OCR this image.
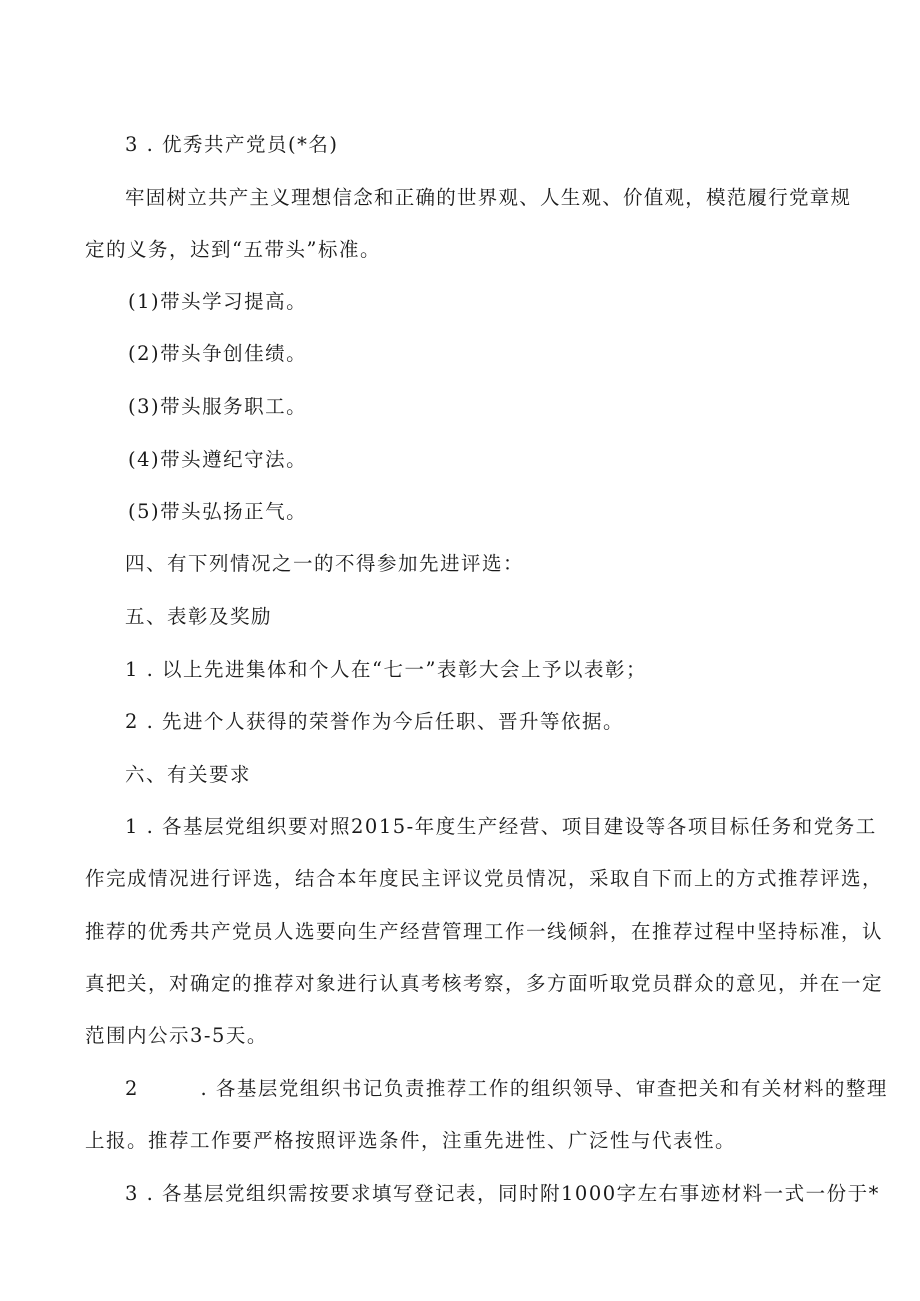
3 . 优秀共产党员(*名)
牢固树立共产主义理想信念和正确的世界观、人生观、价值观，模范履行党章规
定的义务，达到“五带头”标准。
(1)带头学习提高。
(2)带头争创佳绩。
(3)带头服务职工。
(4)带头遵纪守法。
(5)带头弘扬正气。
四、有下列情况之一的不得参加先进评选：
五、表彰及奖励
1 . 以上先进集体和个人在“七一”表彰大会上予以表彰；
2 . 先进个人获得的荣誉作为今后任职、晋升等依据。
六、有关要求
1 . 各基层党组织要对照2015-年度生产经营、项目建设等各项目标任务和党务工
作完成情况进行评选，结合本年度民主评议党员情况，采取自下而上的方式推荐评选，
推荐的优秀共产党员人选要向生产经营管理工作一线倾斜，在推荐过程中坚持标准，认
真把关，对确定的推荐对象进行认真考核考察，多方面听取党员群众的意见，并在一定
范围内公示3-5天。
2        . 各基层党组织书记负责推荐工作的组织领导、审查把关和有关材料的整理
上报。推荐工作要严格按照评选条件，注重先进性、广泛性与代表性。
3 . 各基层党组织需按要求填写登记表，同时附1000字左右事迹材料一式一份于*
